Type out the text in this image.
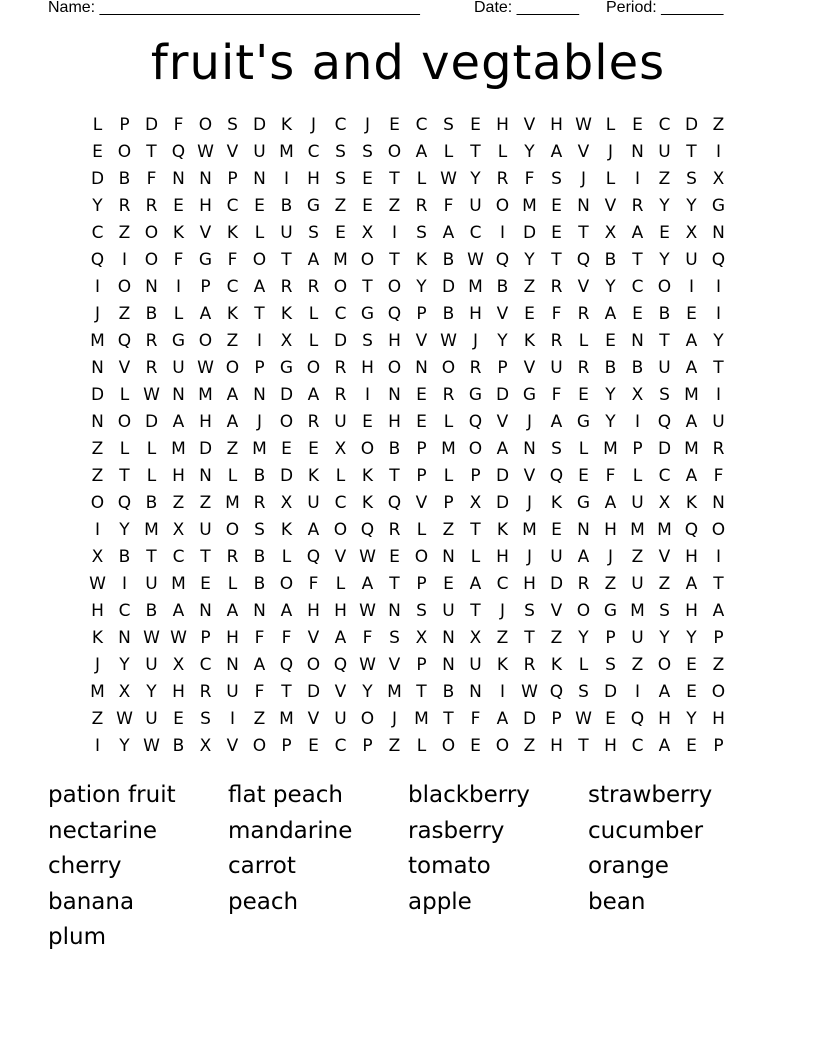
Name: ____________________________________	Date: _______ Period: _______
fruit's and vegtables
L	P D F O S D K	J	C	J	E C S E H V H W L E C D Z
E O T Q W V U M C S S O A L	T	L	Y A V	J	N U T	I
D B F N N P N	I	H S E T	L W Y R F S	J	L	I	Z S X
Y R R E H C E B G Z E Z R F U O M E N V R Y Y G
C Z O K V K L U S E X	I	S A C	I	D E T X A E X N
Q	I	O F G F O T A M O T K B W Q Y T Q B T Y U Q
I	O N	I	P C A R R O T O Y D M B Z R V Y C O	I	I
J	Z B L A K T K L C G Q P B H V E F R A E B E	I
M Q R G O Z	I	X L D S H V W J	Y K R L E N T A Y
N V R U W O P G O R H O N O R P V U R B B U A T
D L W N M A N D A R	I	N E R G D G F E Y X S M	I
N O D A H A	J	O R U E H E L Q V	J	A G Y	I	Q A U
Z L	L M D Z M E E X O B P M O A N S L M P D M R
Z T	L H N L B D K L K T P	L	P D V Q E F	L C A F
O Q B Z Z M R X U C K Q V P X D	J	K G A U X K N
I	Y M X U O S K A O Q R L Z T K M E N H M M Q O
X B T C T R B L Q V W E O N L H	J	U A	J	Z V H	I
W I	U M E L B O F	L A T P E A C H D R Z U Z A T
H C B A N A N A H H W N S U T	J	S V O G M S H A
K N W W P H F	F V A F S X N X Z T Z Y P U Y Y P
J	Y U X C N A Q O Q W V P N U K R K L S Z O E Z
M X Y H R U F T D V Y M T B N	I W Q S D	I	A E O
Z W U E S	I	Z M V U O	J	M T F A D P W E Q H Y H
I	Y W B X V O P E C P Z L O E O Z H T H C A E P
pation fruit	flat peach	blackberry	strawberry
nectarine	mandarine	rasberry	cucumber
cherry	carrot	tomato	orange
banana	peach	apple	bean
plum
